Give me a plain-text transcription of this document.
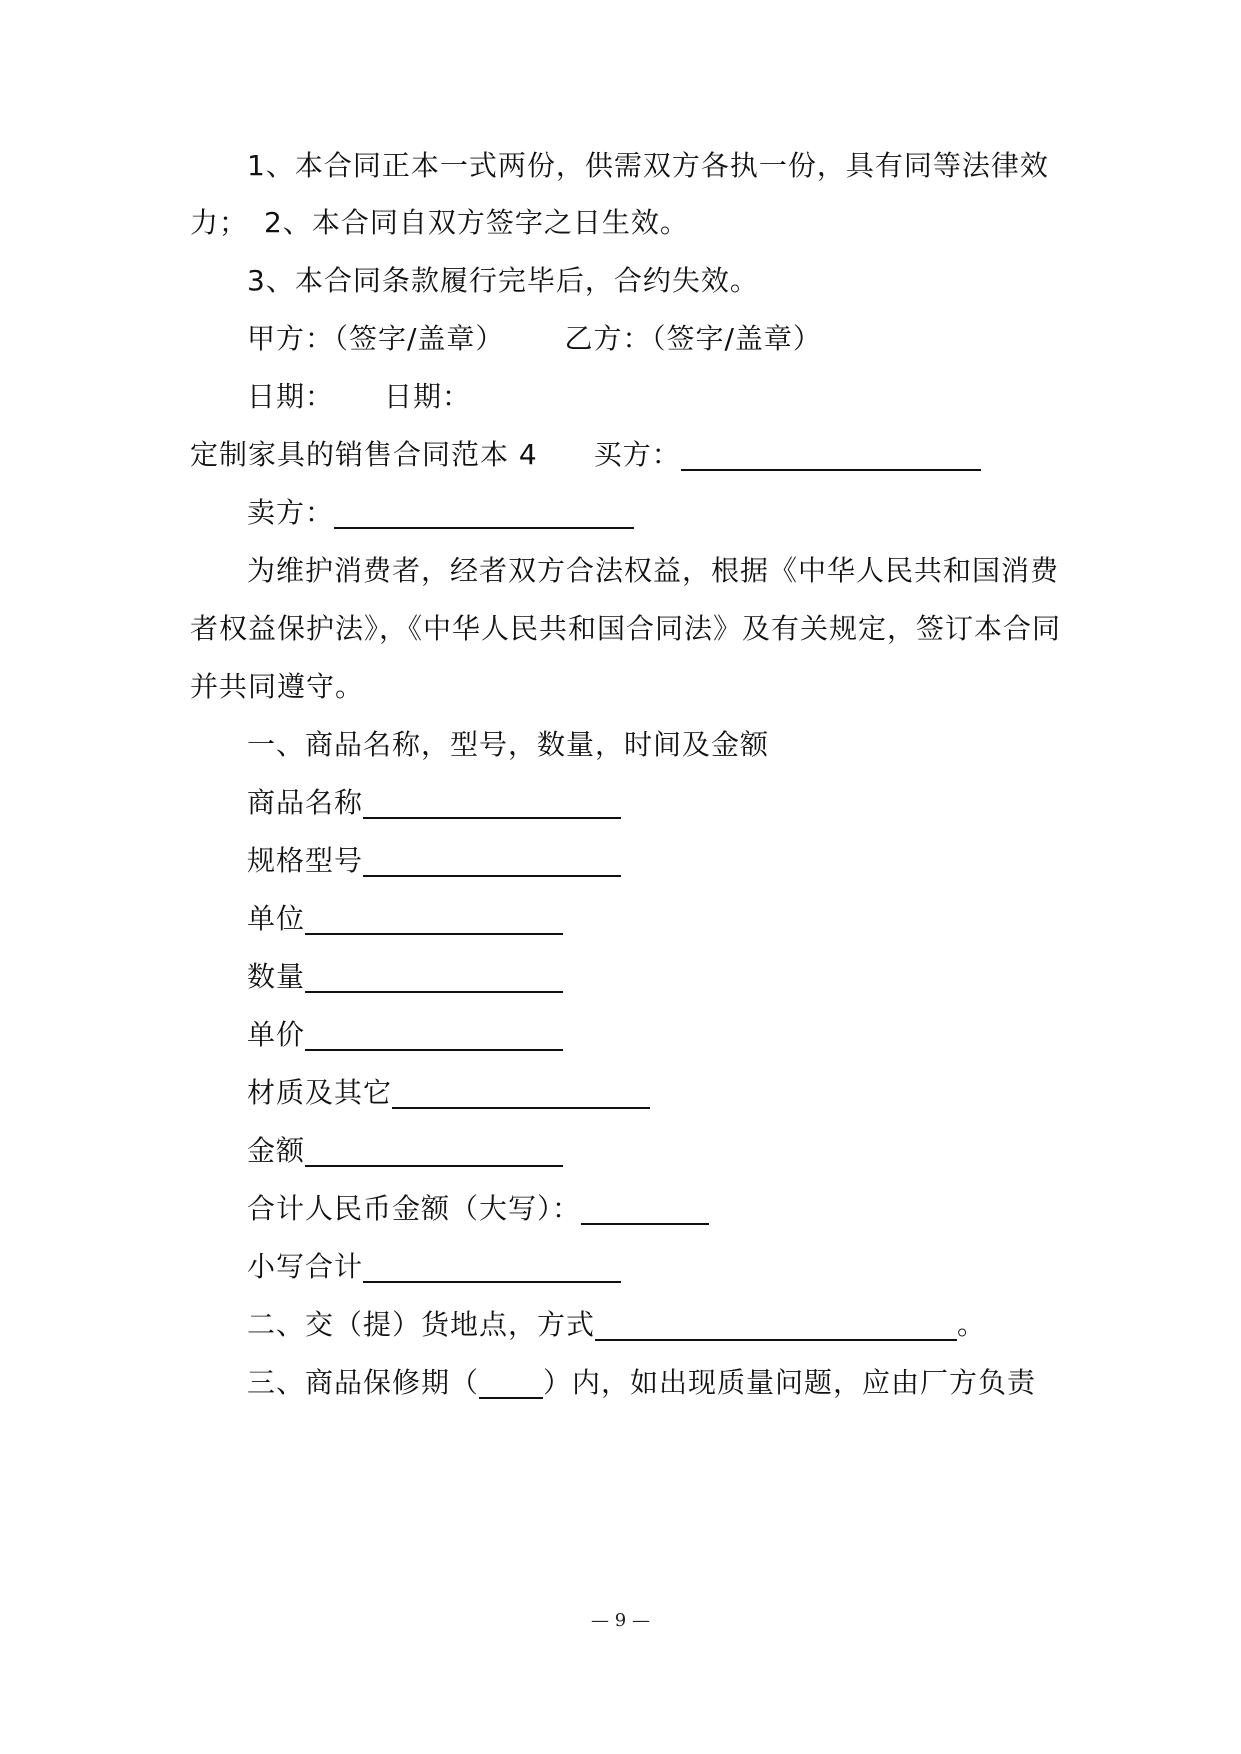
1、本合同正本一式两份，供需双方各执一份，具有同等法律效
力； 2、本合同自双方签字之日生效。
3、本合同条款履行完毕后，合约失效。
甲方：（签字/盖章） 乙方：（签字/盖章）
日期： 日期：
定制家具的销售合同范本 4 买方：
卖方：
为维护消费者，经者双方合法权益，根据《中华人民共和国消费
者权益保护法》，《中华人民共和国合同法》及有关规定，签订本合同
并共同遵守。
一、商品名称，型号，数量，时间及金额
商品名称
规格型号
单位
数量
单价
材质及其它
金额
合计人民币金额（大写）：
小写合计
二、交（提）货地点，方式	。
三、商品保修期（ ）内，如出现质量问题，应由厂方负责
— 9 —
